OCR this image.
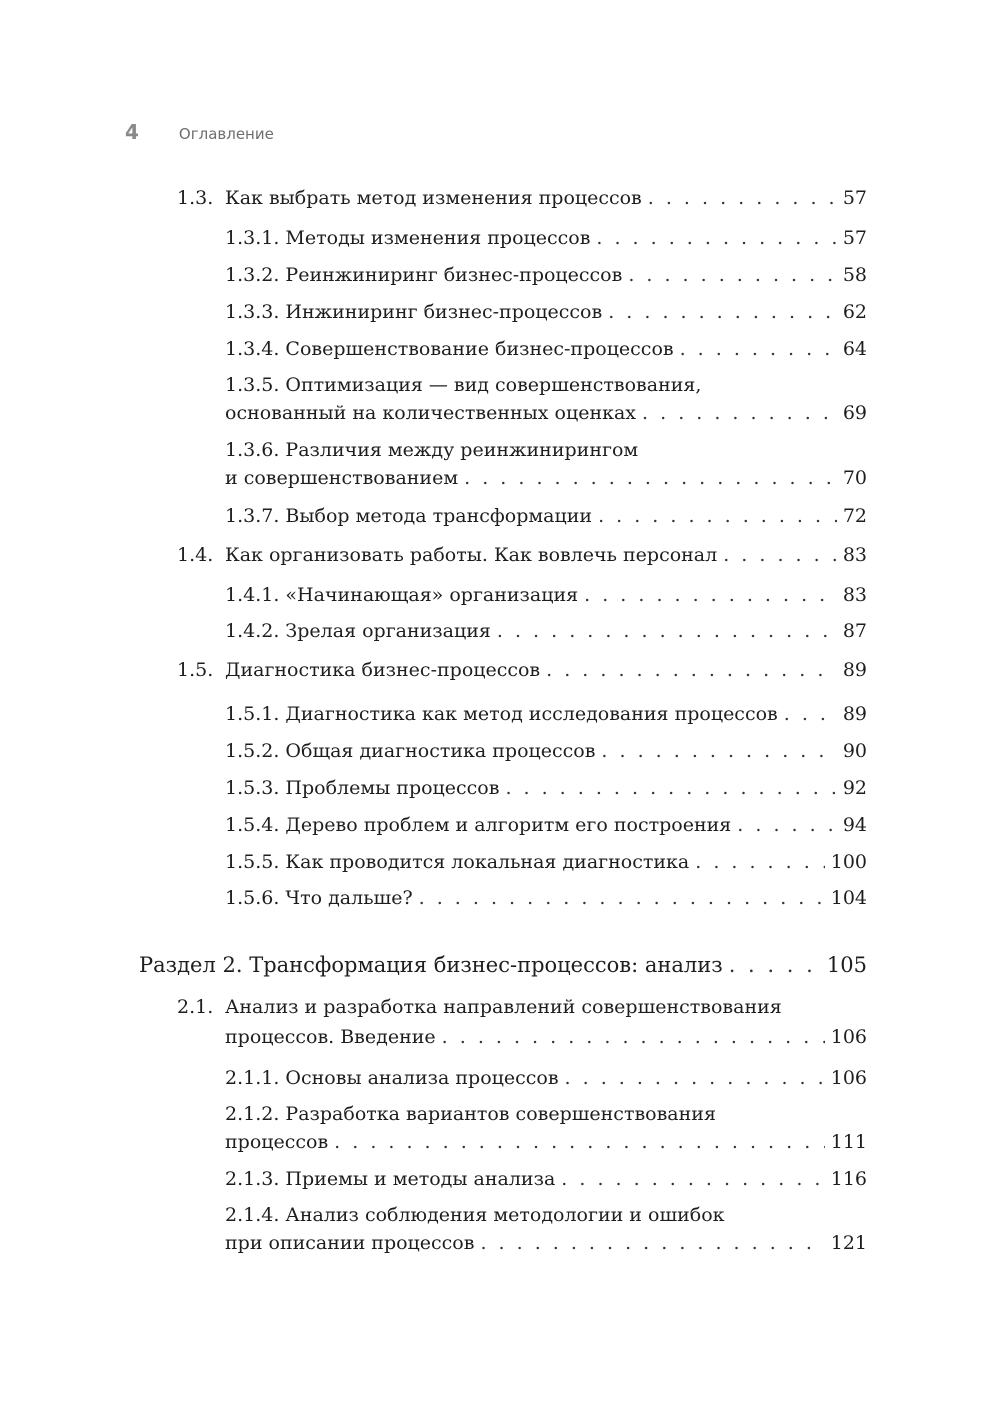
4	Оглавление
1.3. Как выбрать метод изменения процессов . . .	57
1.3.1. Методы изменения процессов . . .	57
1.3.2. Реинжиниринг бизнес-процессов . . .	58
1.3.3. Инжиниринг бизнес-процессов . . .	62
1.3.4. Совершенствование бизнес-процессов . . .	64
1.3.5. Оптимизация — вид совершенствования,
основанный на количественных оценках . . .	69
1.3.6. Различия между реинжинирингом
и совершенствованием . . .	70
1.3.7. Выбор метода трансформации . . .	72
1.4. Как организовать работы. Как вовлечь персонал . . .	83
1.4.1. «Начинающая» организация . . .	83
1.4.2. Зрелая организация . . .	87
1.5. Диагностика бизнес-процессов . . .	89
1.5.1. Диагностика как метод исследования процессов . . .	89
1.5.2. Общая диагностика процессов . . .	90
1.5.3. Проблемы процессов . . .	92
1.5.4. Дерево проблем и алгоритм его построения . . .	94
1.5.5. Как проводится локальная диагностика . . .	100
1.5.6. Что дальше? . . .	104
Раздел 2. Трансформация бизнес-процессов: анализ . . .	105
2.1. Анализ и разработка направлений совершенствования
процессов. Введение . . .	106
2.1.1. Основы анализа процессов . . .	106
2.1.2. Разработка вариантов совершенствования
процессов . . .	111
2.1.3. Приемы и методы анализа . . .	116
2.1.4. Анализ соблюдения методологии и ошибок
при описании процессов . . .	121
